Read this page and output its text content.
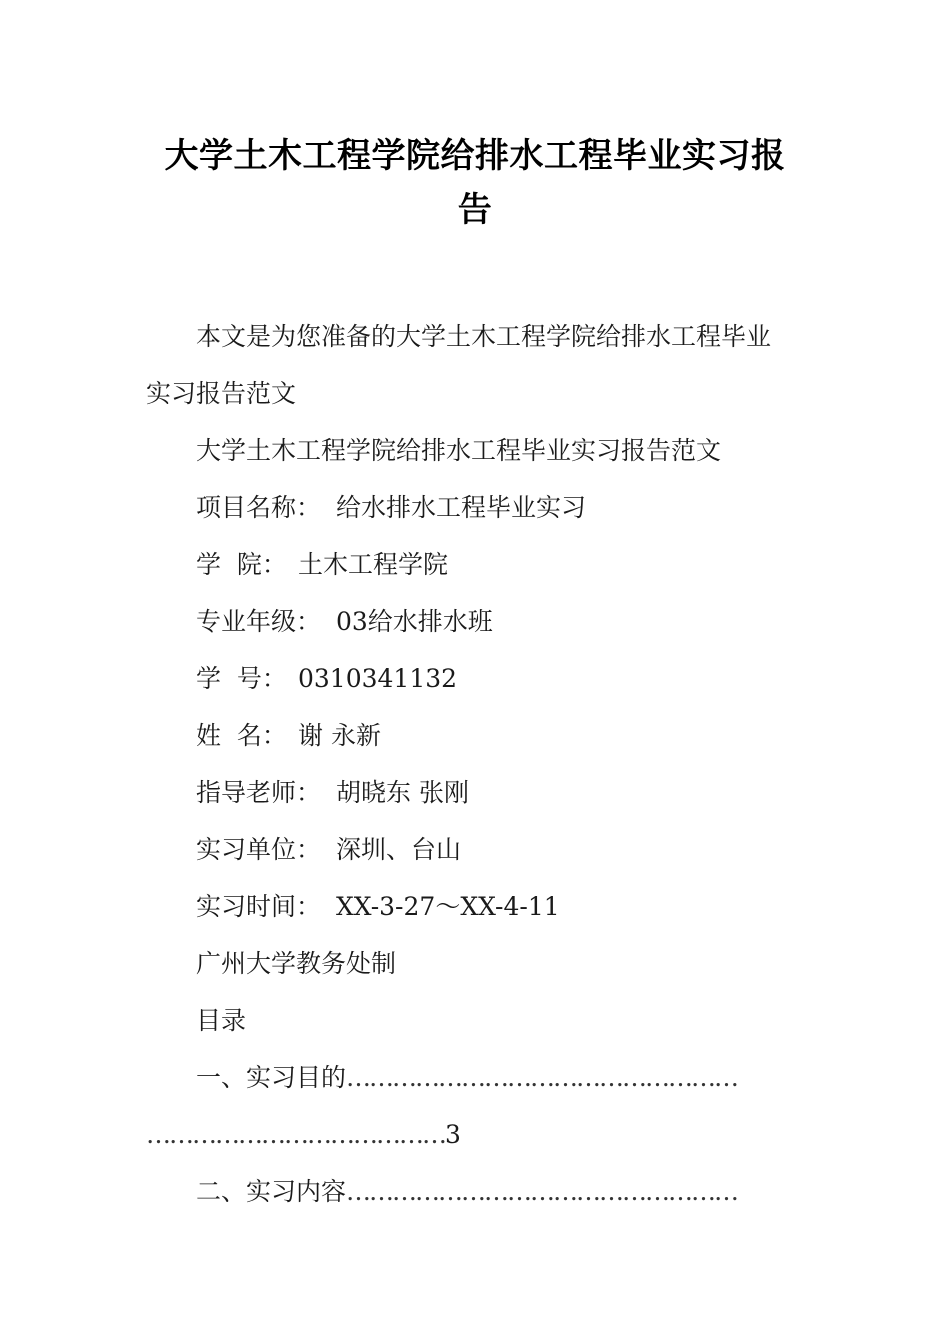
大学土木工程学院给排水工程毕业实习报
告
本文是为您准备的大学土木工程学院给排水工程毕业
实习报告范文
大学土木工程学院给排水工程毕业实习报告范文
项目名称： 给水排水工程毕业实习
学  院： 土木工程学院
专业年级： 03给水排水班
学  号： 0310341132
姓  名： 谢 永新
指导老师： 胡晓东 张刚
实习单位： 深圳、台山
实习时间： XX-3-27～XX-4-11
广州大学教务处制
目录
一、实习目的……………………………………………
…………………………………3
二、实习内容……………………………………………
